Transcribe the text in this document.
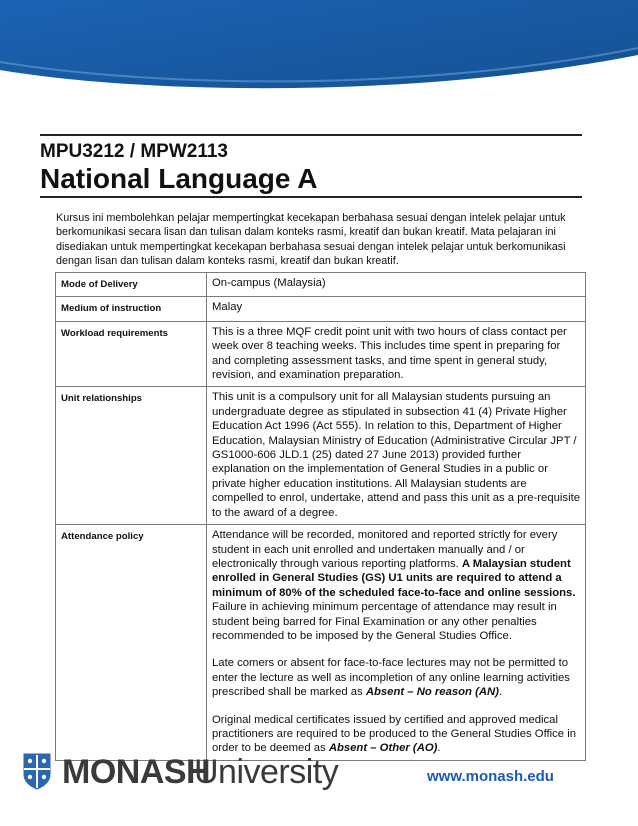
MPU3212 / MPW2113
National Language A

Kursus ini membolehkan pelajar mempertingkat kecekapan berbahasa sesuai dengan intelek pelajar untuk berkomunikasi secara lisan dan tulisan dalam konteks rasmi, kreatif dan bukan kreatif. Mata pelajaran ini disediakan untuk mempertingkat kecekapan berbahasa sesuai dengan intelek pelajar untuk berkomunikasi dengan lisan dan tulisan dalam konteks rasmi, kreatif dan bukan kreatif.

Mode of Delivery	On-campus (Malaysia)
Medium of instruction	Malay
Workload requirements	This is a three MQF credit point unit with two hours of class contact per week over 8 teaching weeks. This includes time spent in preparing for and completing assessment tasks, and time spent in general study, revision, and examination preparation.
Unit relationships	This unit is a compulsory unit for all Malaysian students pursuing an undergraduate degree as stipulated in subsection 41 (4) Private Higher Education Act 1996 (Act 555). In relation to this, Department of Higher Education, Malaysian Ministry of Education (Administrative Circular JPT / GS1000-606 JLD.1 (25) dated 27 June 2013) provided further explanation on the implementation of General Studies in a public or private higher education institutions. All Malaysian students are compelled to enrol, undertake, attend and pass this unit as a pre-requisite to the award of a degree.
Attendance policy	Attendance will be recorded, monitored and reported strictly for every student in each unit enrolled and undertaken manually and / or electronically through various reporting platforms. A Malaysian student enrolled in General Studies (GS) U1 units are required to attend a minimum of 80% of the scheduled face-to-face and online sessions. Failure in achieving minimum percentage of attendance may result in student being barred for Final Examination or any other penalties recommended to be imposed by the General Studies Office.

Late comers or absent for face-to-face lectures may not be permitted to enter the lecture as well as incompletion of any online learning activities prescribed shall be marked as Absent – No reason (AN).

Original medical certificates issued by certified and approved medical practitioners are required to be produced to the General Studies Office in order to be deemed as Absent – Other (AO).

MONASH
University	www.monash.edu
